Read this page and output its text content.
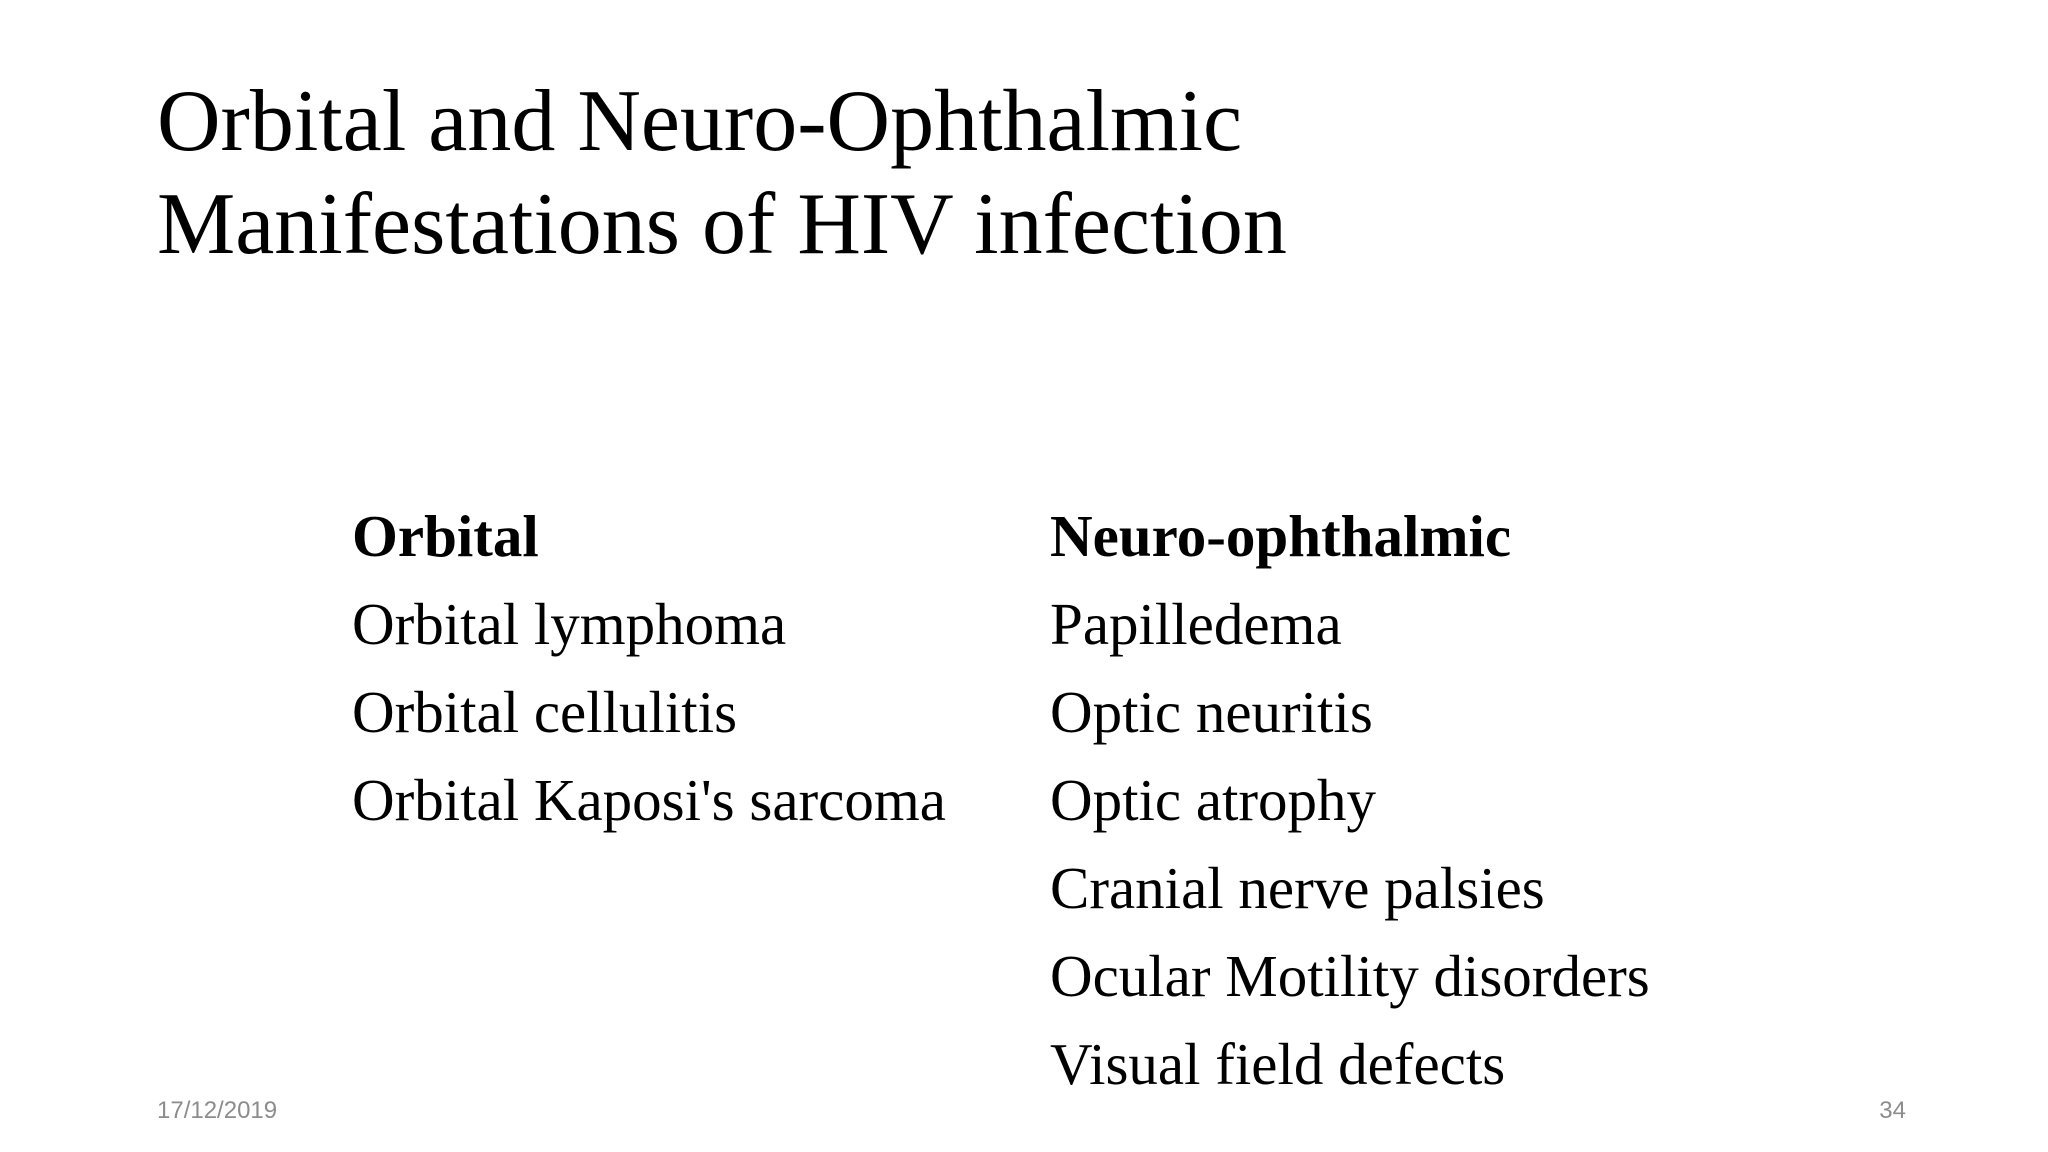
Orbital and Neuro-Ophthalmic
Manifestations of HIV infection
Orbital
Orbital lymphoma
Orbital cellulitis
Orbital Kaposi's sarcoma
Neuro-ophthalmic
Papilledema
Optic neuritis
Optic atrophy
Cranial nerve palsies
Ocular Motility disorders
Visual field defects
17/12/2019	34
